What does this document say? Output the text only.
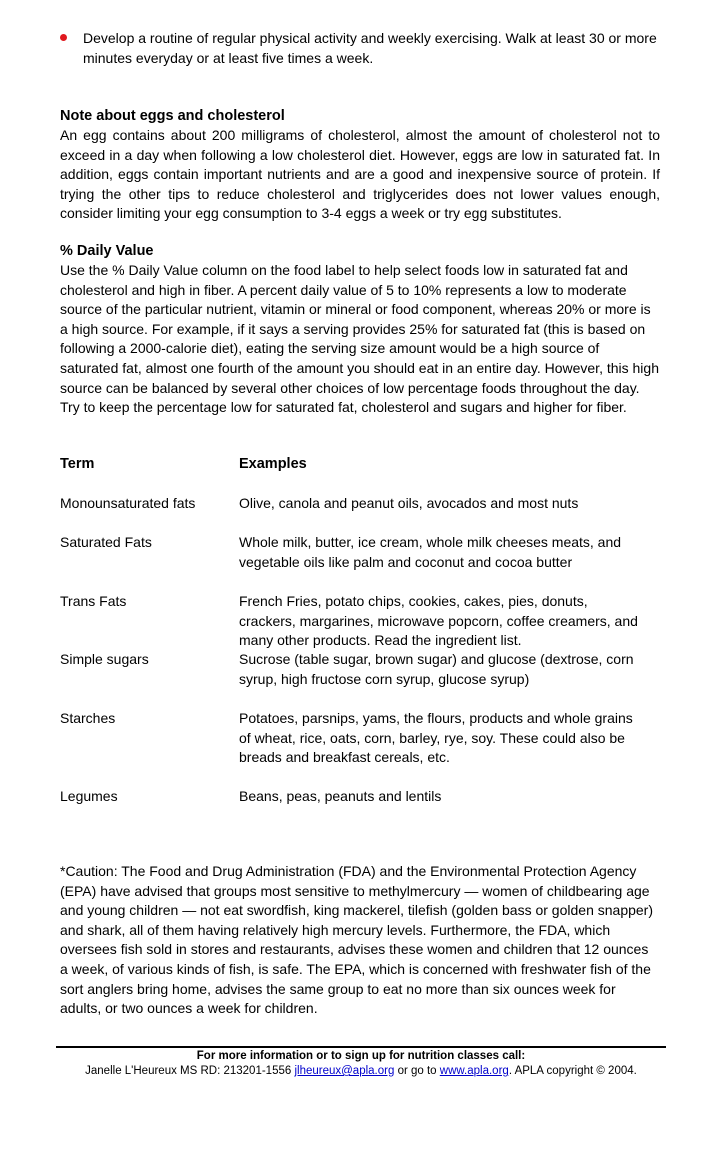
Develop a routine of regular physical activity and weekly exercising. Walk at least 30 or more minutes everyday or at least five times a week.
Note about eggs and cholesterol

An egg contains about 200 milligrams of cholesterol, almost the amount of cholesterol not to exceed in a day when following a low cholesterol diet. However, eggs are low in saturated fat. In addition, eggs contain important nutrients and are a good and inexpensive source of protein. If trying the other tips to reduce cholesterol and triglycerides does not lower values enough, consider limiting your egg consumption to 3-4 eggs a week or try egg substitutes.

% Daily Value

Use the % Daily Value column on the food label to help select foods low in saturated fat and cholesterol and high in fiber. A percent daily value of 5 to 10% represents a low to moderate source of the particular nutrient, vitamin or mineral or food component, whereas 20% or more is a high source. For example, if it says a serving provides 25% for saturated fat (this is based on following a 2000-calorie diet), eating the serving size amount would be a high source of saturated fat, almost one fourth of the amount you should eat in an entire day. However, this high source can be balanced by several other choices of low percentage foods throughout the day. Try to keep the percentage low for saturated fat, cholesterol and sugars and higher for fiber.

Term	Examples
Monounsaturated fats	Olive, canola and peanut oils, avocados and most nuts
Saturated Fats	Whole milk, butter, ice cream, whole milk cheeses meats, and vegetable oils like palm and coconut and cocoa butter
Trans Fats	French Fries, potato chips, cookies, cakes, pies, donuts, crackers, margarines, microwave popcorn, coffee creamers, and many other products. Read the ingredient list.
Simple sugars	Sucrose (table sugar, brown sugar) and glucose (dextrose, corn syrup, high fructose corn syrup, glucose syrup)
Starches	Potatoes, parsnips, yams, the flours, products and whole grains of wheat, rice, oats, corn, barley, rye, soy. These could also be breads and breakfast cereals, etc.
Legumes	Beans, peas, peanuts and lentils

*Caution: The Food and Drug Administration (FDA) and the Environmental Protection Agency (EPA) have advised that groups most sensitive to methylmercury — women of childbearing age and young children — not eat swordfish, king mackerel, tilefish (golden bass or golden snapper) and shark, all of them having relatively high mercury levels. Furthermore, the FDA, which oversees fish sold in stores and restaurants, advises these women and children that 12 ounces a week, of various kinds of fish, is safe. The EPA, which is concerned with freshwater fish of the sort anglers bring home, advises the same group to eat no more than six ounces week for adults, or two ounces a week for children.

For more information or to sign up for nutrition classes call:
Janelle L'Heureux MS RD: 213201-1556 jlheureux@apla.org or go to www.apla.org. APLA copyright © 2004.
